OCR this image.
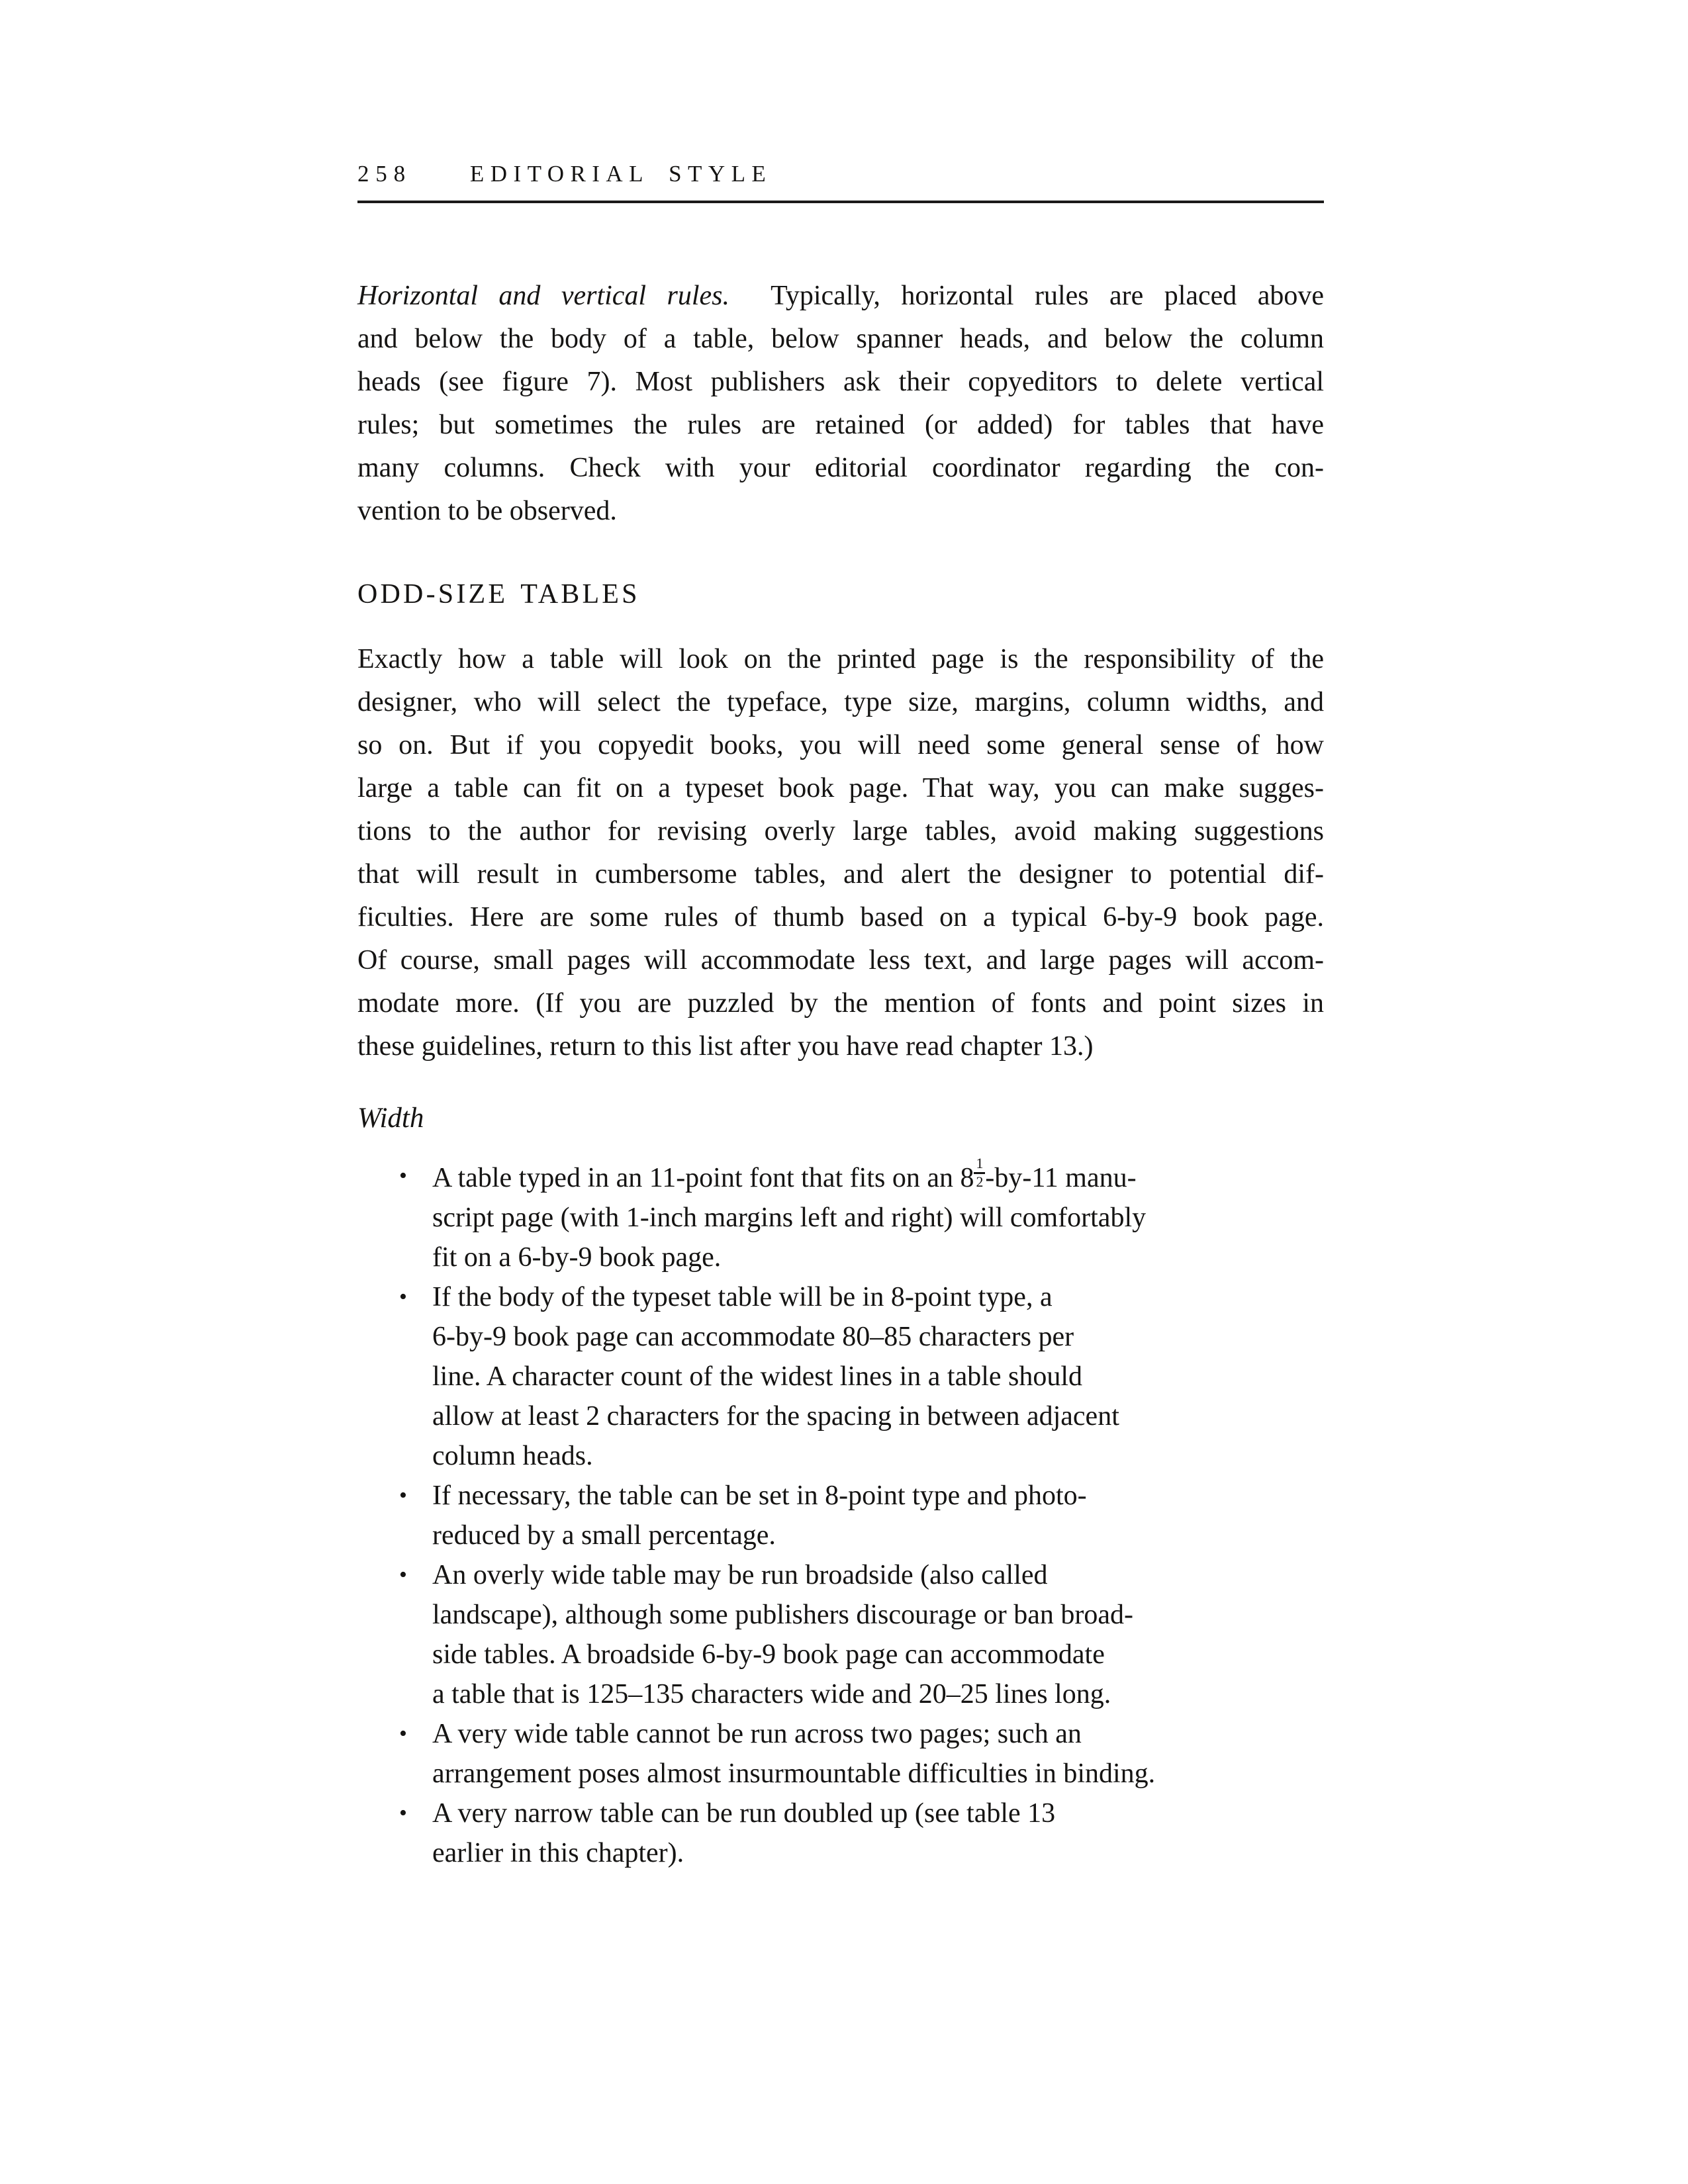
258	EDITORIAL STYLE
Horizontal and vertical rules. Typically, horizontal rules are placed above
and below the body of a table, below spanner heads, and below the column
heads (see figure 7). Most publishers ask their copyeditors to delete vertical
rules; but sometimes the rules are retained (or added) for tables that have
many columns. Check with your editorial coordinator regarding the con-
vention to be observed.
ODD-SIZE TABLES
Exactly how a table will look on the printed page is the responsibility of the
designer, who will select the typeface, type size, margins, column widths, and
so on. But if you copyedit books, you will need some general sense of how
large a table can fit on a typeset book page. That way, you can make sugges-
tions to the author for revising overly large tables, avoid making suggestions
that will result in cumbersome tables, and alert the designer to potential dif-
ficulties. Here are some rules of thumb based on a typical 6-by-9 book page.
Of course, small pages will accommodate less text, and large pages will accom-
modate more. (If you are puzzled by the mention of fonts and point sizes in
these guidelines, return to this list after you have read chapter 13.)
Width
• A table typed in an 11-point font that fits on an $8 \frac{1}{2} -by-11$ manu-
script page (with 1-inch margins left and right) will comfortably
fit on a 6-by-9 book page.
• If the body of the typeset table will be in 8-point type, a
6-by-9 book page can accommodate 80–85 characters per
line. A character count of the widest lines in a table should
allow at least 2 characters for the spacing in between adjacent
column heads.
• If necessary, the table can be set in 8-point type and photo-
reduced by a small percentage.
• An overly wide table may be run broadside (also called
landscape), although some publishers discourage or ban broad-
side tables. A broadside 6-by-9 book page can accommodate
a table that is 125–135 characters wide and 20–25 lines long.
• A very wide table cannot be run across two pages; such an
arrangement poses almost insurmountable difficulties in binding.
• A very narrow table can be run doubled up (see table 13
earlier in this chapter).
